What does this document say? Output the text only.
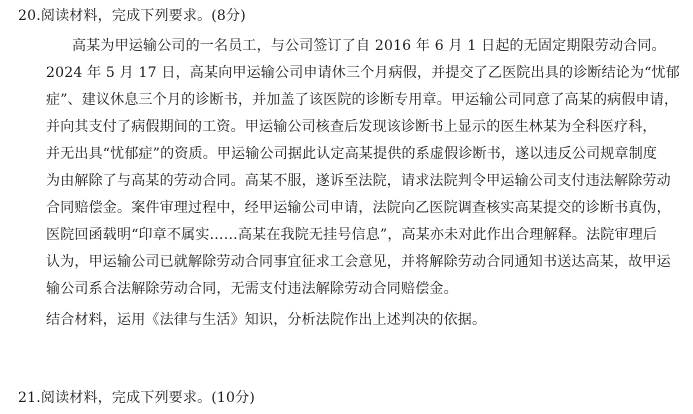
20.阅读材料，完成下列要求。(8分)
高某为甲运输公司的一名员工，与公司签订了自 2016 年 6 月 1 日起的无固定期限劳动合同。
2024 年 5 月 17 日，高某向甲运输公司申请休三个月病假，并提交了乙医院出具的诊断结论为“忧郁
症”、建议休息三个月的诊断书，并加盖了该医院的诊断专用章。甲运输公司同意了高某的病假申请，
并向其支付了病假期间的工资。甲运输公司核查后发现该诊断书上显示的医生林某为全科医疗科，
并无出具“忧郁症”的资质。甲运输公司据此认定高某提供的系虚假诊断书，遂以违反公司规章制度
为由解除了与高某的劳动合同。高某不服，遂诉至法院，请求法院判令甲运输公司支付违法解除劳动
合同赔偿金。案件审理过程中，经甲运输公司申请，法院向乙医院调查核实高某提交的诊断书真伪，
医院回函载明“印章不属实……高某在我院无挂号信息”，高某亦未对此作出合理解释。法院审理后
认为，甲运输公司已就解除劳动合同事宜征求工会意见，并将解除劳动合同通知书送达高某，故甲运
输公司系合法解除劳动合同，无需支付违法解除劳动合同赔偿金。
结合材料，运用《法律与生活》知识，分析法院作出上述判决的依据。
21.阅读材料，完成下列要求。(10分)
